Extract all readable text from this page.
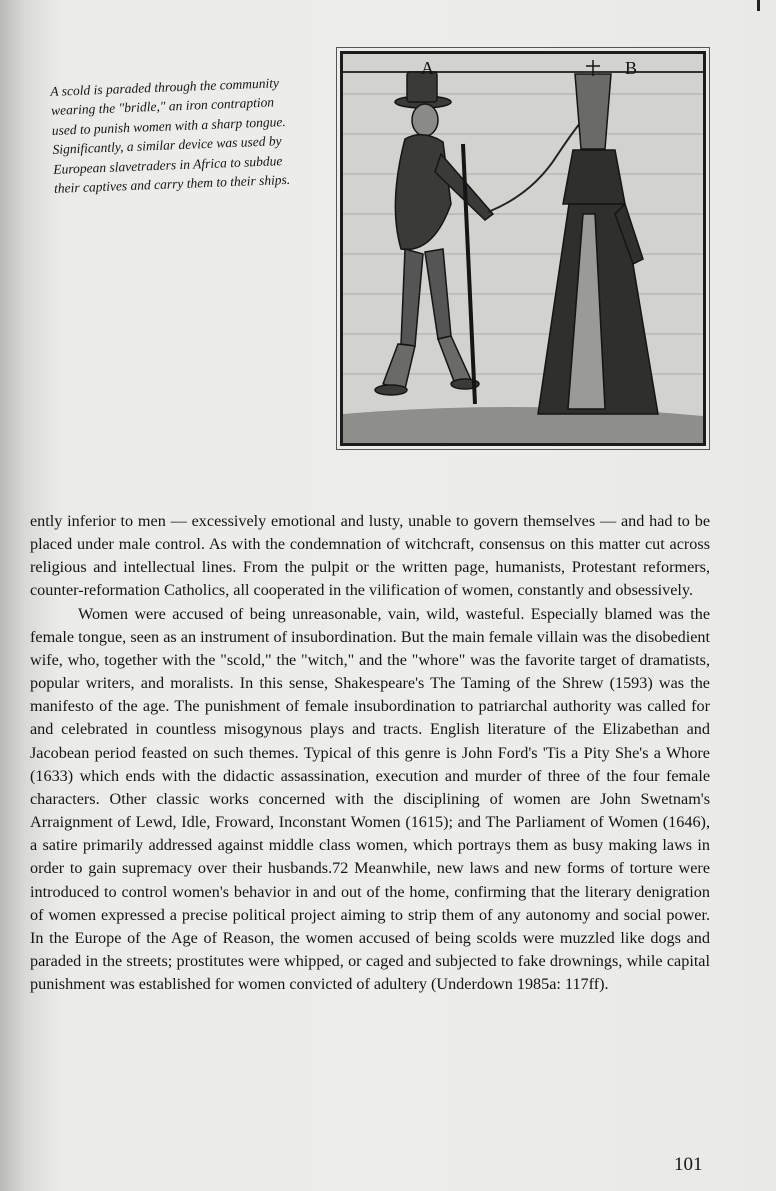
A scold is paraded through the community wearing the "bridle," an iron contraption used to punish women with a sharp tongue. Significantly, a similar device was used by European slavetraders in Africa to subdue their captives and carry them to their ships.

A	B

ently inferior to men — excessively emotional and lusty, unable to govern themselves — and had to be placed under male control. As with the condemnation of witchcraft, consensus on this matter cut across religious and intellectual lines. From the pulpit or the written page, humanists, Protestant reformers, counter-reformation Catholics, all cooperated in the vilification of women, constantly and obsessively.

Women were accused of being unreasonable, vain, wild, wasteful. Especially blamed was the female tongue, seen as an instrument of insubordination. But the main female villain was the disobedient wife, who, together with the "scold," the "witch," and the "whore" was the favorite target of dramatists, popular writers, and moralists. In this sense, Shakespeare's The Taming of the Shrew (1593) was the manifesto of the age. The punishment of female insubordination to patriarchal authority was called for and celebrated in countless misogynous plays and tracts. English literature of the Elizabethan and Jacobean period feasted on such themes. Typical of this genre is John Ford's 'Tis a Pity She's a Whore (1633) which ends with the didactic assassination, execution and murder of three of the four female characters. Other classic works concerned with the disciplining of women are John Swetnam's Arraignment of Lewd, Idle, Froward, Inconstant Women (1615); and The Parliament of Women (1646), a satire primarily addressed against middle class women, which portrays them as busy making laws in order to gain supremacy over their husbands.72 Meanwhile, new laws and new forms of torture were introduced to control women's behavior in and out of the home, confirming that the literary denigration of women expressed a precise political project aiming to strip them of any autonomy and social power. In the Europe of the Age of Reason, the women accused of being scolds were muzzled like dogs and paraded in the streets; prostitutes were whipped, or caged and subjected to fake drownings, while capital punishment was established for women convicted of adultery (Underdown 1985a: 117ff).

101
